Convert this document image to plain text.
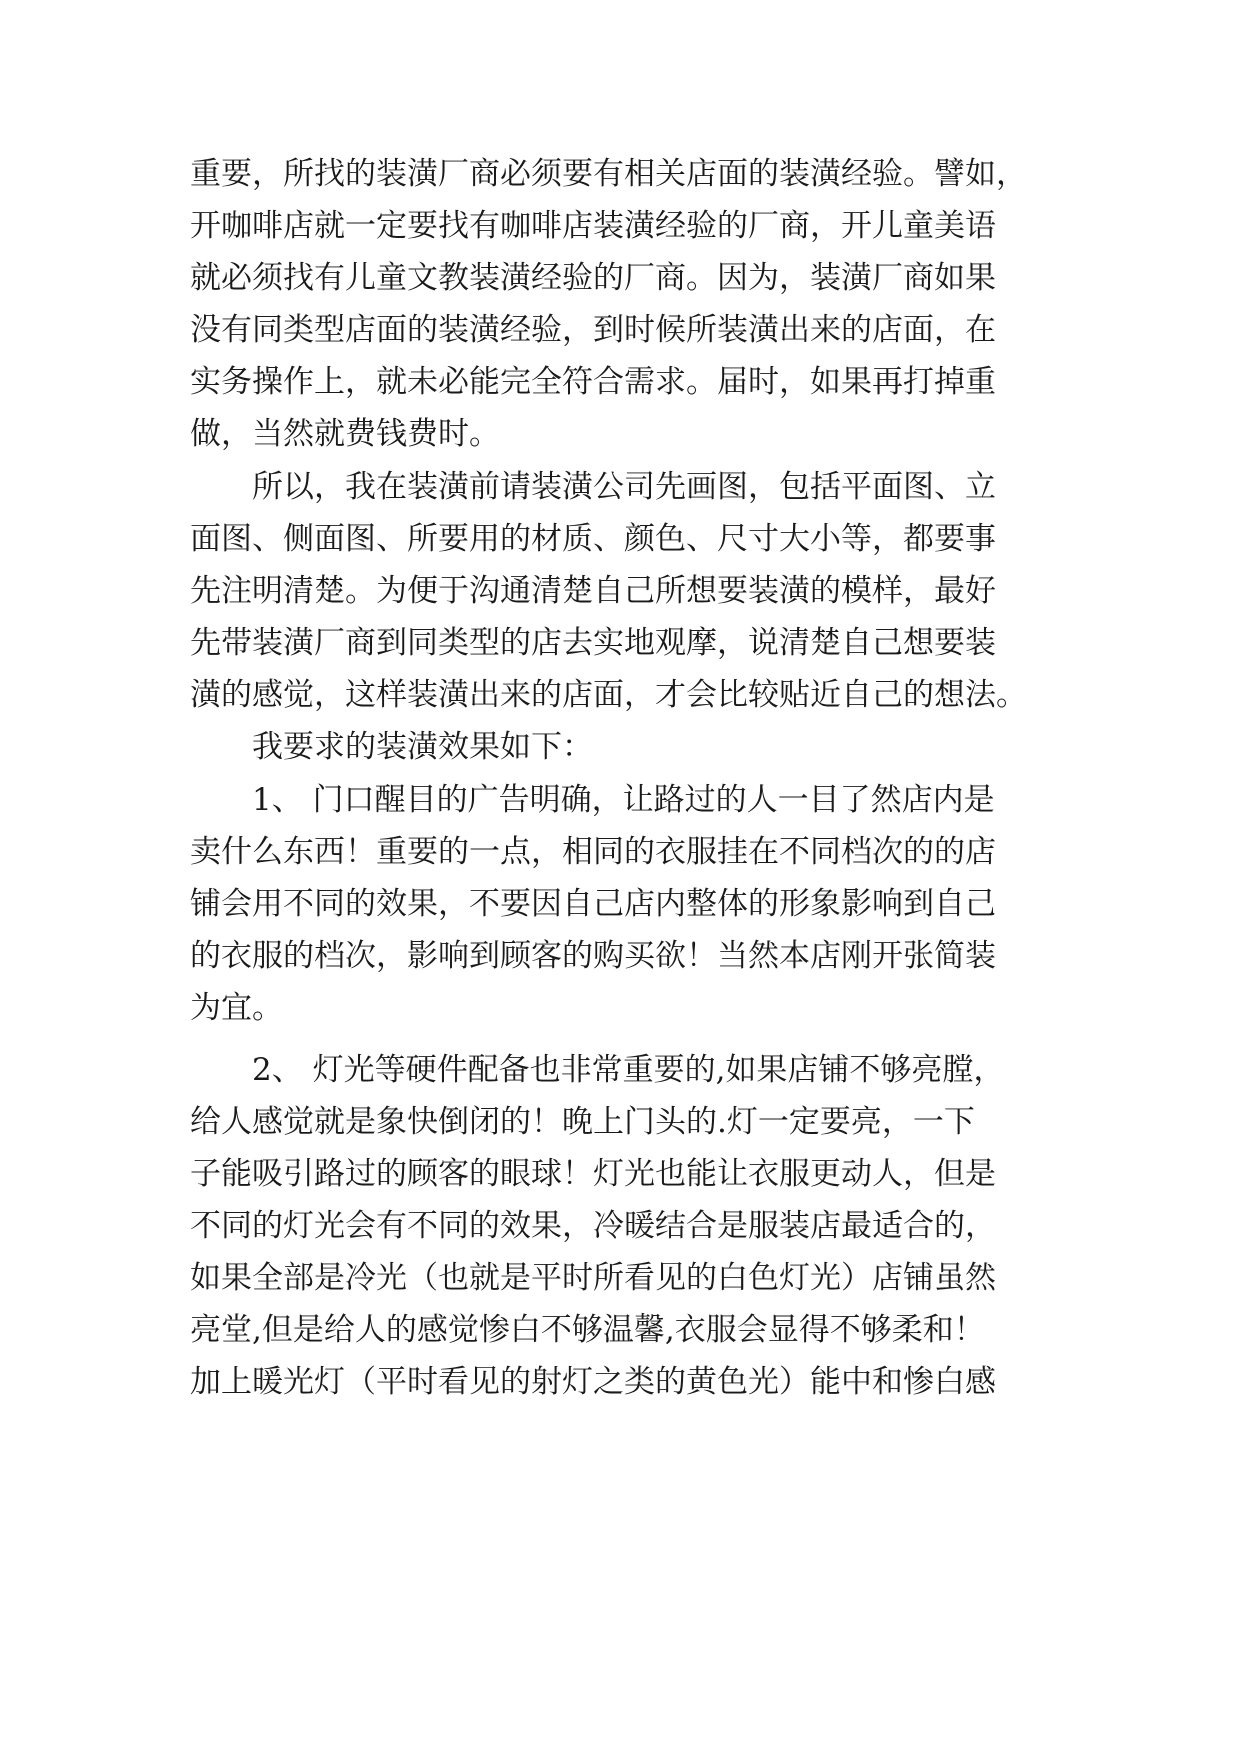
重要，所找的装潢厂商必须要有相关店面的装潢经验。譬如，
开咖啡店就一定要找有咖啡店装潢经验的厂商，开儿童美语
就必须找有儿童文教装潢经验的厂商。因为，装潢厂商如果
没有同类型店面的装潢经验，到时候所装潢出来的店面，在
实务操作上，就未必能完全符合需求。届时，如果再打掉重
做，当然就费钱费时。
所以，我在装潢前请装潢公司先画图，包括平面图、立
面图、侧面图、所要用的材质、颜色、尺寸大小等，都要事
先注明清楚。为便于沟通清楚自己所想要装潢的模样，最好
先带装潢厂商到同类型的店去实地观摩，说清楚自己想要装
潢的感觉，这样装潢出来的店面，才会比较贴近自己的想法。
我要求的装潢效果如下：
1、 门口醒目的广告明确，让路过的人一目了然店内是
卖什么东西！重要的一点，相同的衣服挂在不同档次的的店
铺会用不同的效果，不要因自己店内整体的形象影响到自己
的衣服的档次，影响到顾客的购买欲！当然本店刚开张简装
为宜。
2、 灯光等硬件配备也非常重要的,如果店铺不够亮膛，
给人感觉就是象快倒闭的！晚上门头的.灯一定要亮，一下
子能吸引路过的顾客的眼球！灯光也能让衣服更动人，但是
不同的灯光会有不同的效果，冷暖结合是服装店最适合的，
如果全部是冷光（也就是平时所看见的白色灯光）店铺虽然
亮堂,但是给人的感觉惨白不够温馨,衣服会显得不够柔和！
加上暖光灯（平时看见的射灯之类的黄色光）能中和惨白感
